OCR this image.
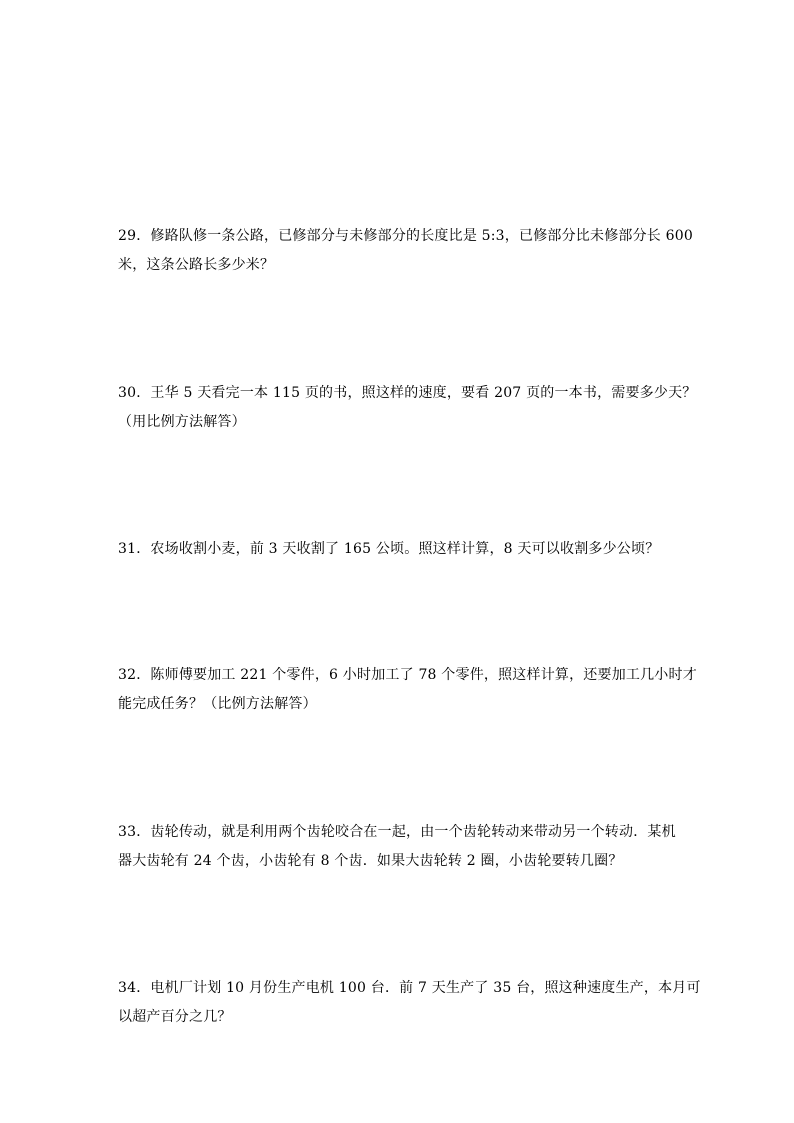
29．修路队修一条公路，已修部分与未修部分的长度比是 5:3，已修部分比未修部分长 600
米，这条公路长多少米？
30．王华 5 天看完一本 115 页的书，照这样的速度，要看 207 页的一本书，需要多少天？
（用比例方法解答）
31．农场收割小麦，前 3 天收割了 165 公顷。照这样计算，8 天可以收割多少公顷？
32．陈师傅要加工 221 个零件，6 小时加工了 78 个零件，照这样计算，还要加工几小时才
能完成任务？（比例方法解答）
33．齿轮传动，就是利用两个齿轮咬合在一起，由一个齿轮转动来带动另一个转动．某机
器大齿轮有 24 个齿，小齿轮有 8 个齿．如果大齿轮转 2 圈，小齿轮要转几圈？
34．电机厂计划 10 月份生产电机 100 台．前 7 天生产了 35 台，照这种速度生产，本月可
以超产百分之几？
